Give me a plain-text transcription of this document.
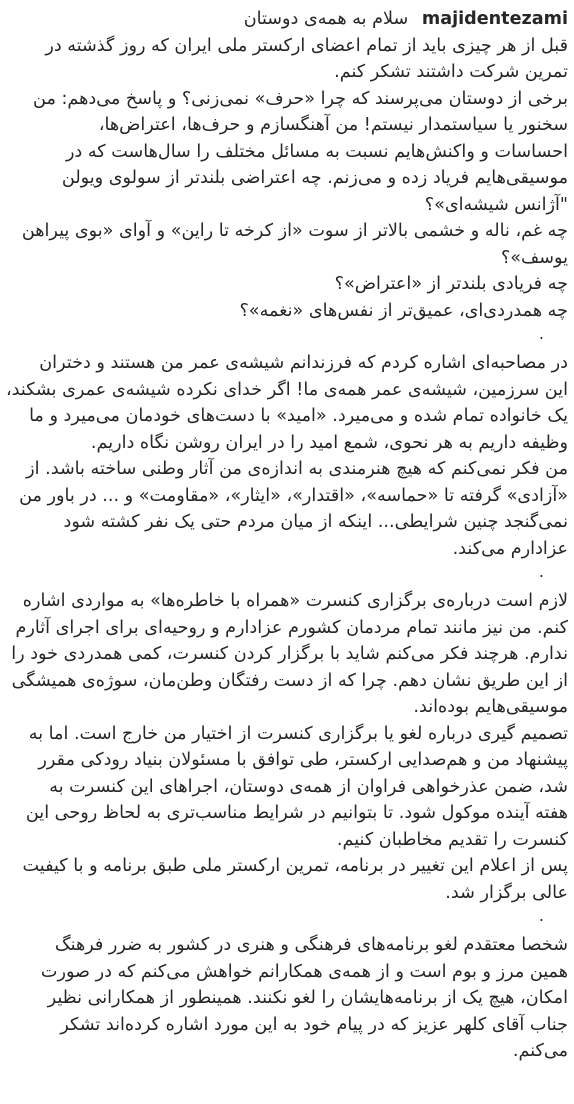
majidentezami سلام به همه‌ی دوستان

قبل از هر چیزی باید از تمام اعضای ارکستر ملی ایران که روز گذشته در
تمرین شرکت داشتند تشکر کنم.
برخی از دوستان می‌پرسند که چرا «حرف» نمی‌زنی؟ و پاسخ می‌دهم: من
سخنور یا سیاستمدار نیستم! من آهنگسازم و حرف‌ها، اعتراض‌ها،
احساسات و واکنش‌هایم نسبت به مسائل مختلف را سال‌هاست که در
موسیقی‌هایم فریاد زده و می‌زنم. چه اعتراضی بلندتر از سولوی ویولن
"آژانس شیشه‌ای»؟
چه غم، ناله و خشمی بالاتر از سوت «از کرخه تا راین» و آوای «بوی پیراهن
یوسف»؟
چه فریادی بلندتر از «اعتراض»؟
چه همدردی‌ای، عمیق‌تر از نفس‌های «نغمه»؟

.

در مصاحبه‌ای اشاره کردم که فرزندانم شیشه‌ی عمر من هستند و دختران
این سرزمین، شیشه‌ی عمر همه‌ی ما! اگر خدای نکرده شیشه‌ی عمری بشکند،
یک خانواده تمام شده و می‌میرد. «امید» با دست‌های خودمان می‌میرد و ما
وظیفه داریم به هر نحوی، شمع امید را در ایران روشن نگاه داریم.
من فکر نمی‌کنم که هیچ هنرمندی به اندازه‌ی من آثار وطنی ساخته باشد. از
«آزادی» گرفته تا «حماسه»، «اقتدار»، «ایثار»، «مقاومت» و ... در باور من
نمی‌گنجد چنین شرایطی... اینکه از میان مردم حتی یک نفر کشته شود
عزادارم می‌کند.

.

لازم است درباره‌ی برگزاری کنسرت «همراه با خاطره‌ها» به مواردی اشاره
کنم. من نیز مانند تمام مردمان کشورم عزادارم و روحیه‌ای برای اجرای آثارم
ندارم. هرچند فکر می‌کنم شاید با برگزار کردن کنسرت، کمی همدردی خود را
از این طریق نشان دهم. چرا که از دست رفتگان وطن‌مان، سوژه‌ی همیشگی
موسیقی‌هایم بوده‌اند.
تصمیم گیری درباره لغو یا برگزاری کنسرت از اختیار من خارج است. اما به
پیشنهاد من و هم‌صدایی ارکستر، طی توافق با مسئولان بنیاد رودکی مقرر
شد، ضمن عذرخواهی فراوان از همه‌ی دوستان، اجراهای این کنسرت به
هفته آینده موکول شود. تا بتوانیم در شرایط مناسب‌تری به لحاظ روحی این
کنسرت را تقدیم مخاطبان کنیم.
پس از اعلام این تغییر در برنامه، تمرین ارکستر ملی طبق برنامه و با کیفیت
عالی برگزار شد.

.

شخصا معتقدم لغو برنامه‌های فرهنگی و هنری در کشور به ضرر فرهنگ
همین مرز و بوم است و از همه‌ی همکارانم خواهش می‌کنم که در صورت
امکان، هیچ یک از برنامه‌هایشان را لغو نکنند. همینطور از همکارانی نظیر
جناب آقای کلهر عزیز که در پیام خود به این مورد اشاره کرده‌اند تشکر
می‌کنم.
